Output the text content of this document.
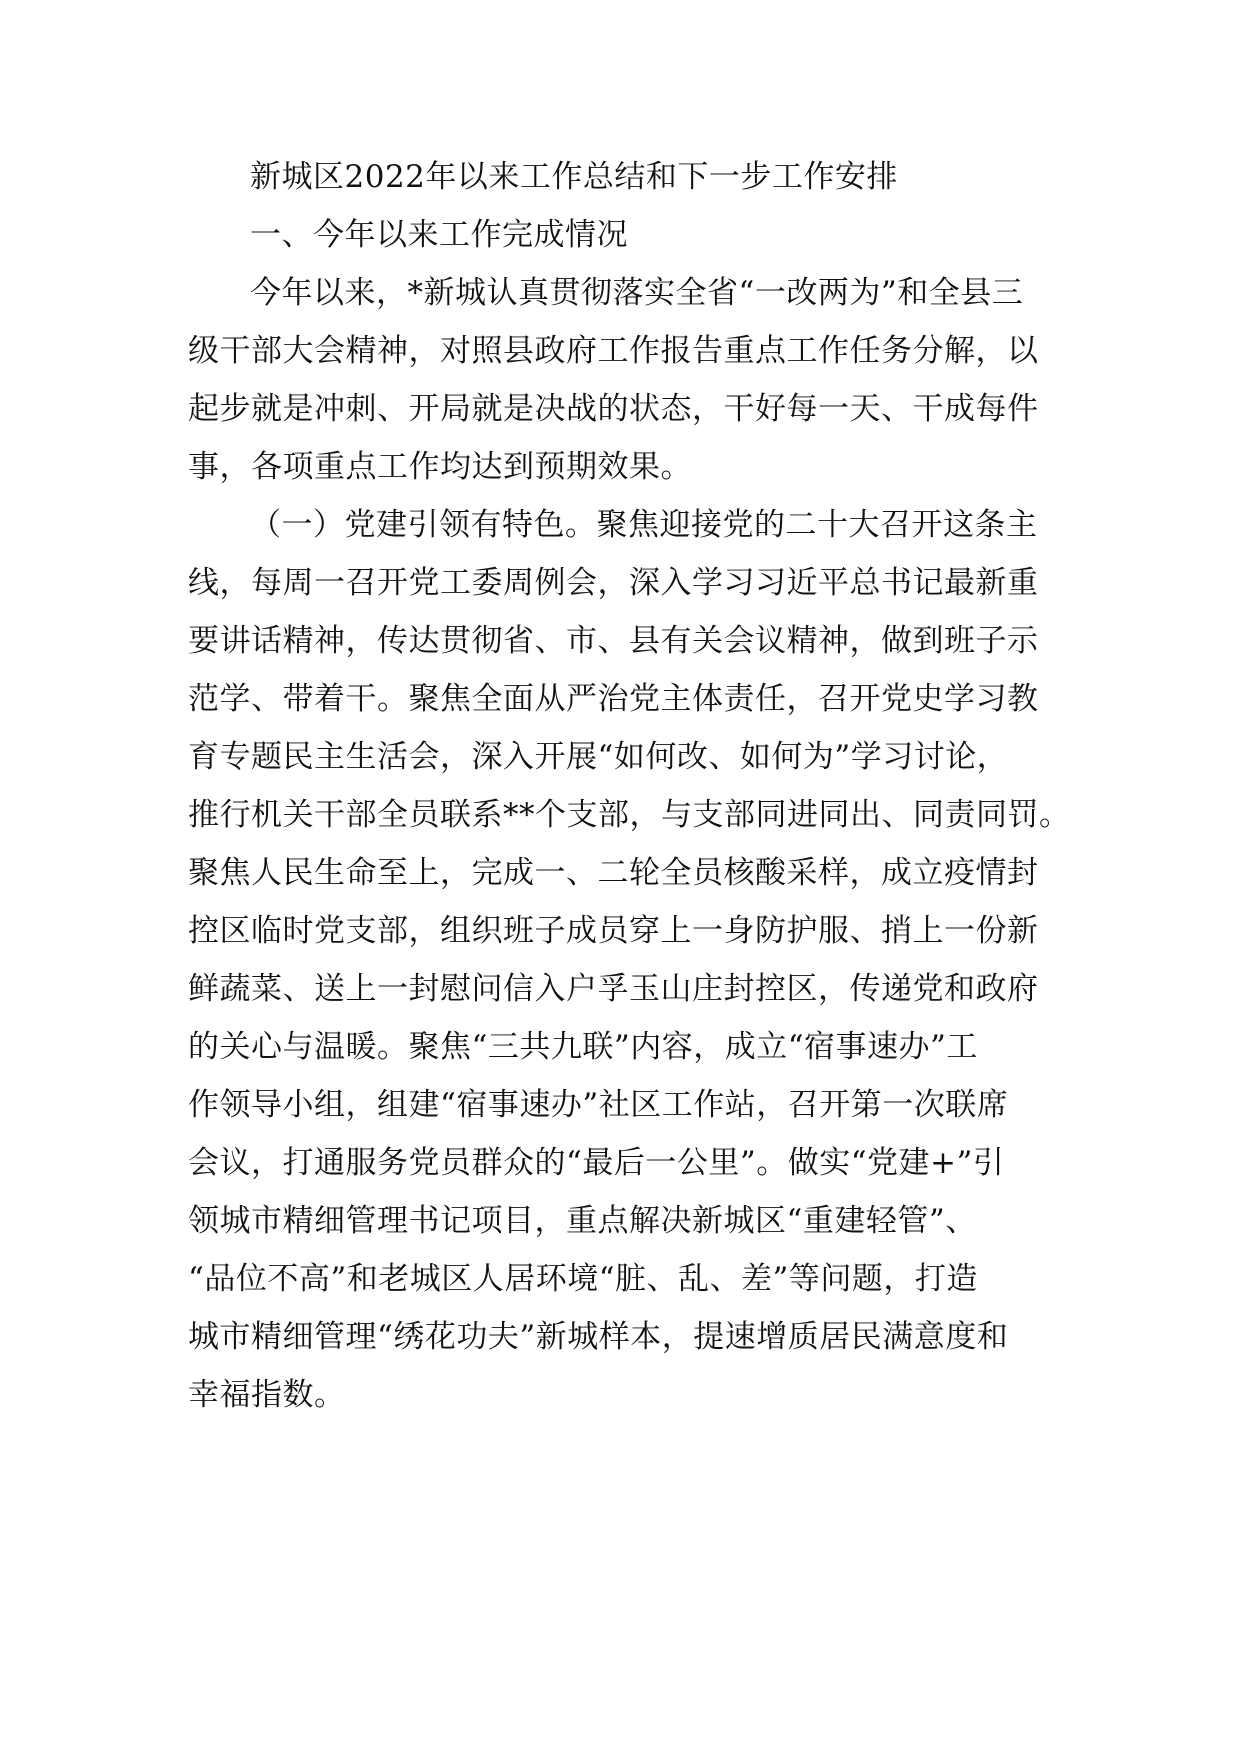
新城区2022年以来工作总结和下一步工作安排
一、今年以来工作完成情况
今年以来，*新城认真贯彻落实全省“一改两为”和全县三
级干部大会精神，对照县政府工作报告重点工作任务分解，以
起步就是冲刺、开局就是决战的状态，干好每一天、干成每件
事，各项重点工作均达到预期效果。
（一）党建引领有特色。聚焦迎接党的二十大召开这条主
线，每周一召开党工委周例会，深入学习习近平总书记最新重
要讲话精神，传达贯彻省、市、县有关会议精神，做到班子示
范学、带着干。聚焦全面从严治党主体责任，召开党史学习教
育专题民主生活会，深入开展“如何改、如何为”学习讨论，
推行机关干部全员联系**个支部，与支部同进同出、同责同罚。
聚焦人民生命至上，完成一、二轮全员核酸采样，成立疫情封
控区临时党支部，组织班子成员穿上一身防护服、捎上一份新
鲜蔬菜、送上一封慰问信入户孚玉山庄封控区，传递党和政府
的关心与温暖。聚焦“三共九联”内容，成立“宿事速办”工
作领导小组，组建“宿事速办”社区工作站，召开第一次联席
会议，打通服务党员群众的“最后一公里”。做实“党建+”引
领城市精细管理书记项目，重点解决新城区“重建轻管”、
“品位不高”和老城区人居环境“脏、乱、差”等问题，打造
城市精细管理“绣花功夫”新城样本，提速增质居民满意度和
幸福指数。
